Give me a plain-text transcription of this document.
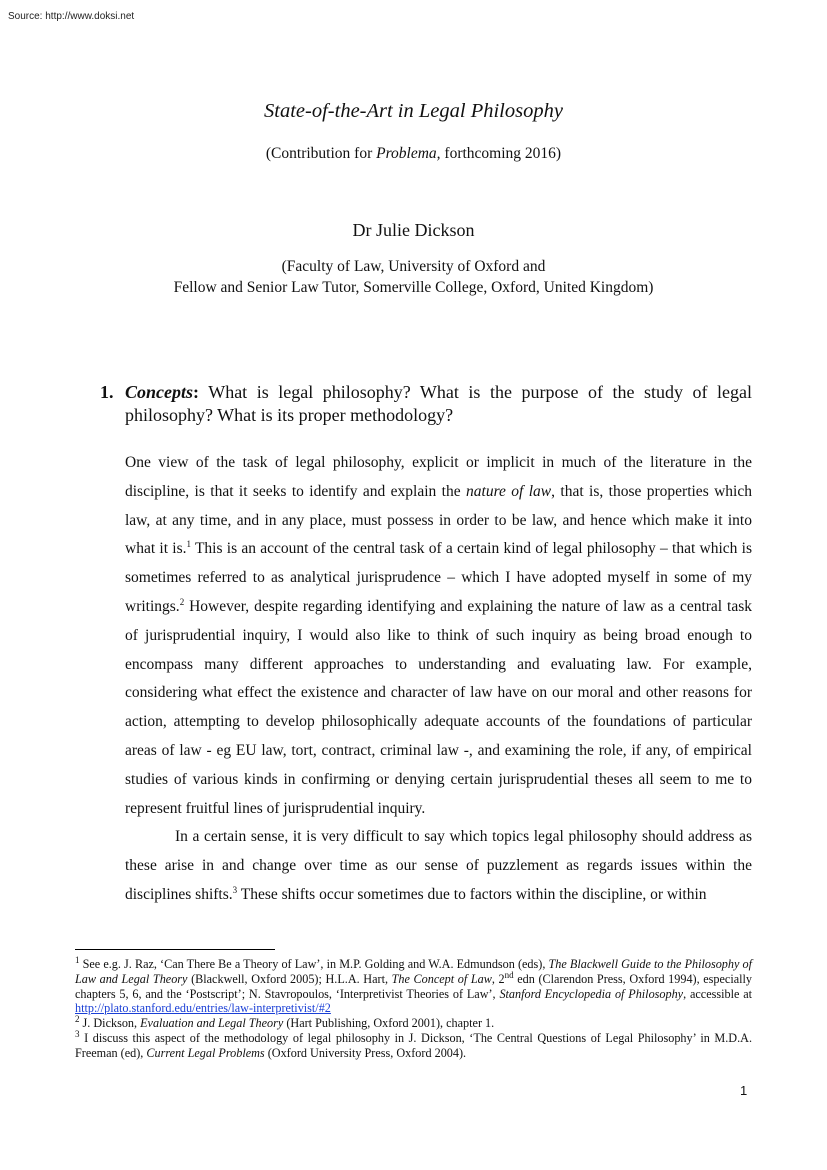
Source: http://www.doksi.net
State-of-the-Art in Legal Philosophy
(Contribution for Problema, forthcoming 2016)
Dr Julie Dickson
(Faculty of Law, University of Oxford and
Fellow and Senior Law Tutor, Somerville College, Oxford, United Kingdom)
1. Concepts: What is legal philosophy? What is the purpose of the study of legal philosophy? What is its proper methodology?

One view of the task of legal philosophy, explicit or implicit in much of the literature in the discipline, is that it seeks to identify and explain the nature of law, that is, those properties which law, at any time, and in any place, must possess in order to be law, and hence which make it into what it is.$^1$ This is an account of the central task of a certain kind of legal philosophy – that which is sometimes referred to as analytical jurisprudence – which I have adopted myself in some of my writings.$^2$ However, despite regarding identifying and explaining the nature of law as a central task of jurisprudential inquiry, I would also like to think of such inquiry as being broad enough to encompass many different approaches to understanding and evaluating law. For example, considering what effect the existence and character of law have on our moral and other reasons for action, attempting to develop philosophically adequate accounts of the foundations of particular areas of law - eg EU law, tort, contract, criminal law -, and examining the role, if any, of empirical studies of various kinds in confirming or denying certain jurisprudential theses all seem to me to represent fruitful lines of jurisprudential inquiry.

In a certain sense, it is very difficult to say which topics legal philosophy should address as these arise in and change over time as our sense of puzzlement as regards issues within the disciplines shifts.$^3$ These shifts occur sometimes due to factors within the discipline, or within

$^1$ See e.g. J. Raz, ‘Can There Be a Theory of Law’, in M.P. Golding and W.A. Edmundson (eds), The Blackwell Guide to the Philosophy of Law and Legal Theory (Blackwell, Oxford 2005); H.L.A. Hart, The Concept of Law, 2nd edn (Clarendon Press, Oxford 1994), especially chapters 5, 6, and the ‘Postscript’; N. Stavropoulos, ‘Interpretivist Theories of Law’, Stanford Encyclopedia of Philosophy, accessible at http://plato.stanford.edu/entries/law-interpretivist/#2

$^2$ J. Dickson, Evaluation and Legal Theory (Hart Publishing, Oxford 2001), chapter 1.

$^3$ I discuss this aspect of the methodology of legal philosophy in J. Dickson, ‘The Central Questions of Legal Philosophy’ in M.D.A. Freeman (ed), Current Legal Problems (Oxford University Press, Oxford 2004).

1
